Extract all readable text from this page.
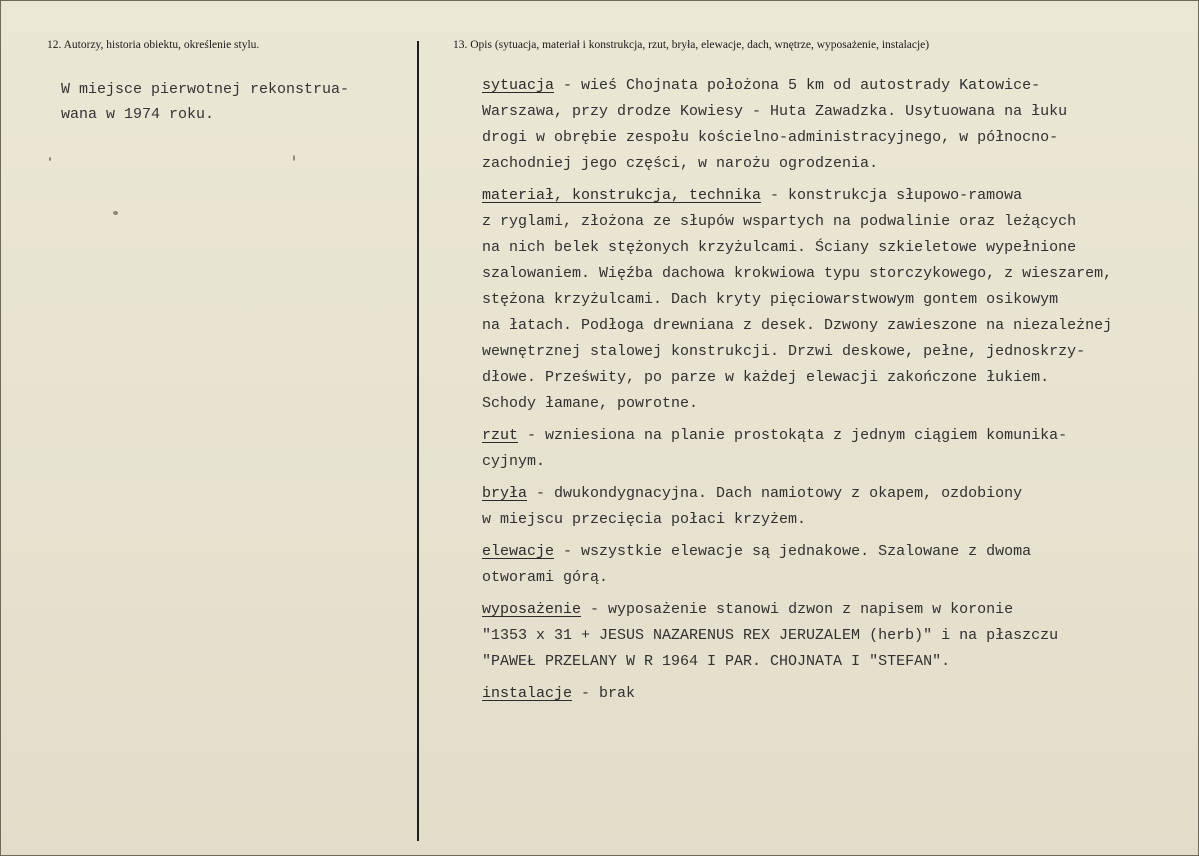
12. Autorzy, historia obiektu, określenie stylu.	13. Opis (sytuacja, materiał i konstrukcja, rzut, bryła, elewacje, dach, wnętrze, wyposażenie, instalacje)
W miejsce pierwotnej rekonstrua-
wana w 1974 roku.
sytuacja - wieś Chojnata położona 5 km od autostrady Katowice-
Warszawa, przy drodze Kowiesy - Huta Zawadzka. Usytuowana na łuku
drogi w obrębie zespołu kościelno-administracyjnego, w północno-
zachodniej jego części, w narożu ogrodzenia.
materiał, konstrukcja, technika - konstrukcja słupowo-ramowa
z ryglami, złożona ze słupów wspartych na podwalinie oraz leżących
na nich belek stężonych krzyżulcami. Ściany szkieletowe wypełnione
szalowaniem. Więźba dachowa krokwiowa typu storczykowego, z wieszarem,
stężona krzyżulcami. Dach kryty pięciowarstwowym gontem osikowym
na łatach. Podłoga drewniana z desek. Dzwony zawieszone na niezależnej
wewnętrznej stalowej konstrukcji. Drzwi deskowe, pełne, jednoskrzy-
dłowe. Prześwity, po parze w każdej elewacji zakończone łukiem.
Schody łamane, powrotne.
rzut - wzniesiona na planie prostokąta z jednym ciągiem komunika-
cyjnym.
bryła - dwukondygnacyjna. Dach namiotowy z okapem, ozdobiony
w miejscu przecięcia połaci krzyżem.
elewacje - wszystkie elewacje są jednakowe. Szalowane z dwoma
otworami górą.
wyposażenie - wyposażenie stanowi dzwon z napisem w koronie
"1353 x 31 + JESUS NAZARENUS REX JERUZALEM (herb)" i na płaszczu
"PAWEŁ PRZELANY W R 1964 I PAR. CHOJNATA I "STEFAN".
instalacje - brak
